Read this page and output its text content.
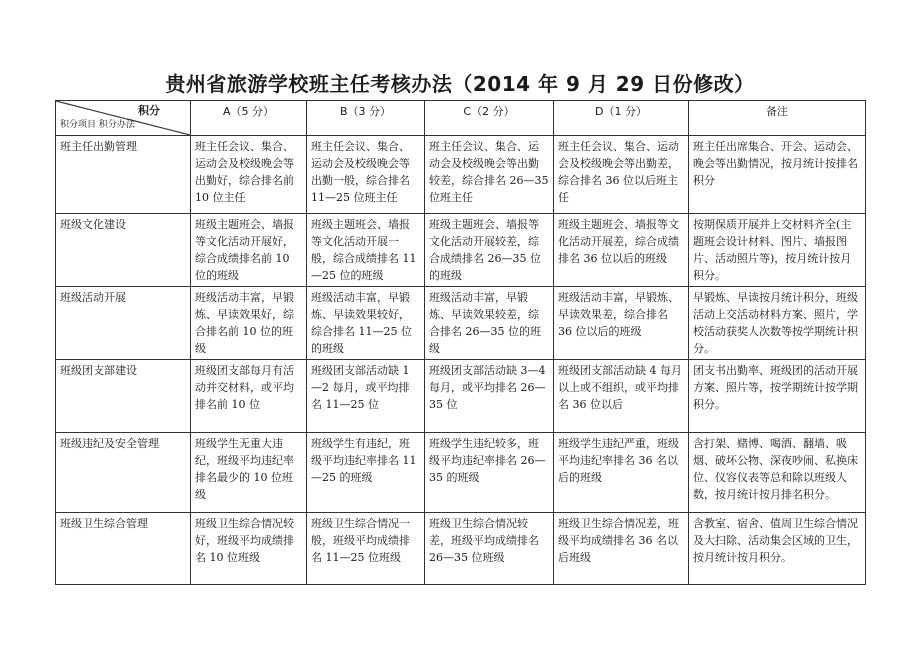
贵州省旅游学校班主任考核办法（2014 年 9 月 29 日份修改）
积分
积分项目 积分办法	A（5 分）	B（3 分）	C（2 分）	D（1 分）	备注
班主任出勤管理	班主任会议、集合、运动会及校级晚会等出勤好，综合排名前 10 位主任	班主任会议、集合、运动会及校级晚会等出勤一般，综合排名 11—25 位班主任	班主任会议、集合、运动会及校级晚会等出勤较差，综合排名 26—35 位班主任	班主任会议、集合、运动会及校级晚会等出勤差，综合排名 36 位以后班主任	班主任出席集合、开会、运动会、晚会等出勤情况，按月统计按排名积分
班级文化建设	班级主题班会、墙报等文化活动开展好，综合成绩排名前 10 位的班级	班级主题班会、墙报等文化活动开展一般，综合成绩排名 11—25 位的班级	班级主题班会、墙报等文化活动开展较差，综合成绩排名 26—35 位的班级	班级主题班会、墙报等文化活动开展差，综合成绩排名 36 位以后的班级	按期保质开展并上交材料齐全(主题班会设计材料、图片、墙报图片、活动照片等)，按月统计按月积分。
班级活动开展	班级活动丰富，早锻炼、早读效果好，综合排名前 10 位的班级	班级活动丰富，早锻炼、早读效果较好，综合排名 11—25 位的班级	班级活动丰富，早锻炼、早读效果较差，综合排名 26—35 位的班级	班级活动丰富，早锻炼、早读效果差，综合排名 36 位以后的班级	早锻炼、早读按月统计积分，班级活动上交活动材料方案、照片，学校活动获奖人次数等按学期统计积分。
班级团支部建设	班级团支部每月有活动并交材料，或平均排名前 10 位	班级团支部活动缺 1—2 每月，或平均排名 11—25 位	班级团支部活动缺 3—4 每月，或平均排名 26—35 位	班级团支部活动缺 4 每月以上或不组织，或平均排名 36 位以后	团支书出勤率、班级团的活动开展方案、照片等，按学期统计按学期积分。
班级违纪及安全管理	班级学生无重大违纪，班级平均违纪率排名最少的 10 位班级	班级学生有违纪，班级平均违纪率排名 11—25 的班级	班级学生违纪较多，班级平均违纪率排名 26—35 的班级	班级学生违纪严重，班级平均违纪率排名 36 名以后的班级	含打架、赌博、喝酒、翻墙、吸烟、破坏公物、深夜吵闹、私换床位、仪容仪表等总和除以班级人数，按月统计按月排名积分。
班级卫生综合管理	班级卫生综合情况较好，班级平均成绩排名 10 位班级	班级卫生综合情况一般，班级平均成绩排名 11—25 位班级	班级卫生综合情况较差，班级平均成绩排名 26—35 位班级	班级卫生综合情况差，班级平均成绩排名 36 名以后班级	含教室、宿舍、值周卫生综合情况及大扫除、活动集会区域的卫生，按月统计按月积分。
